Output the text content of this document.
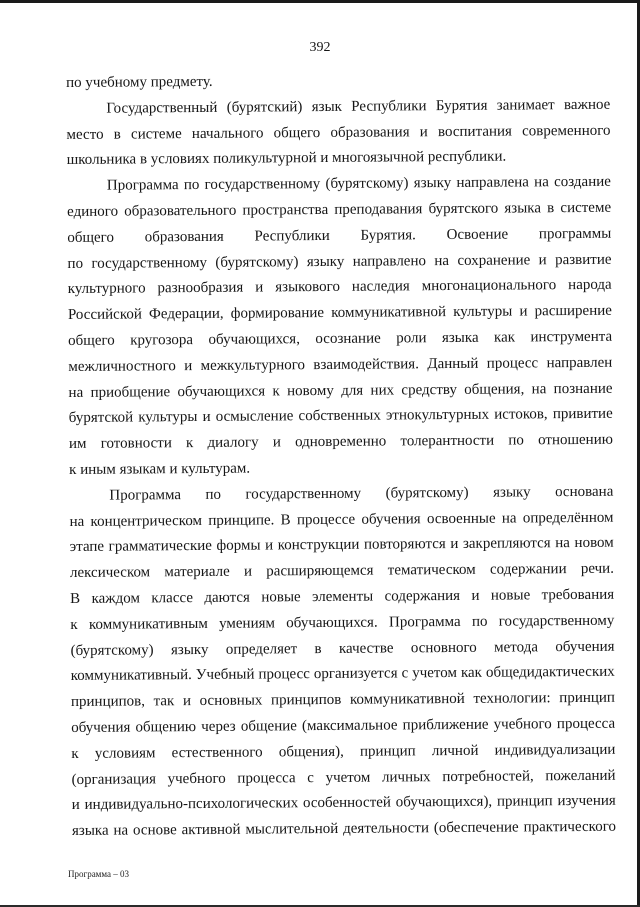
392
по учебному предмету.
Государственный (бурятский) язык Республики Бурятия занимает важное
место в системе начального общего образования и воспитания современного
школьника в условиях поликультурной и многоязычной республики.
Программа по государственному (бурятскому) языку направлена на создание
единого образовательного пространства преподавания бурятского языка в системе
общего образования Республики Бурятия. Освоение программы
по государственному (бурятскому) языку направлено на сохранение и развитие
культурного разнообразия и языкового наследия многонационального народа
Российской Федерации, формирование коммуникативной культуры и расширение
общего кругозора обучающихся, осознание роли языка как инструмента
межличностного и межкультурного взаимодействия. Данный процесс направлен
на приобщение обучающихся к новому для них средству общения, на познание
бурятской культуры и осмысление собственных этнокультурных истоков, привитие
им готовности к диалогу и одновременно толерантности по отношению
к иным языкам и культурам.
Программа по государственному (бурятскому) языку основана
на концентрическом принципе. В процессе обучения освоенные на определённом
этапе грамматические формы и конструкции повторяются и закрепляются на новом
лексическом материале и расширяющемся тематическом содержании речи.
В каждом классе даются новые элементы содержания и новые требования
к коммуникативным умениям обучающихся. Программа по государственному
(бурятскому) языку определяет в качестве основного метода обучения
коммуникативный. Учебный процесс организуется с учетом как общедидактических
принципов, так и основных принципов коммуникативной технологии: принцип
обучения общению через общение (максимальное приближение учебного процесса
к условиям естественного общения), принцип личной индивидуализации
(организация учебного процесса с учетом личных потребностей, пожеланий
и индивидуально-психологических особенностей обучающихся), принцип изучения
языка на основе активной мыслительной деятельности (обеспечение практического
Программа – 03
